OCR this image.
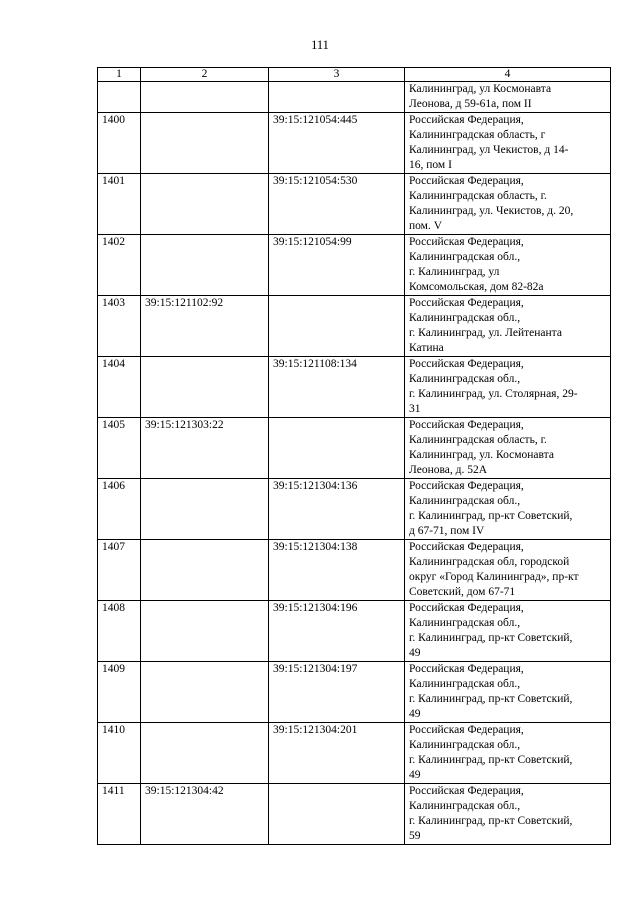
111
1	2	3	4

			Калининград, ул Космонавта
Леонова, д 59-61а, пом II

1400		39:15:121054:445	Российская Федерация,
Калининградская область, г
Калининград, ул Чекистов, д 14-
16, пом I

1401		39:15:121054:530	Российская Федерация,
Калининградская область, г.
Калининград, ул. Чекистов, д. 20,
пом. V

1402		39:15:121054:99	Российская Федерация,
Калининградская обл.,
г. Калининград, ул
Комсомольская, дом 82-82а

1403	39:15:121102:92		Российская Федерация,
Калининградская обл.,
г. Калининград, ул. Лейтенанта
Катина

1404		39:15:121108:134	Российская Федерация,
Калининградская обл.,
г. Калининград, ул. Столярная, 29-
31

1405	39:15:121303:22		Российская Федерация,
Калининградская область, г.
Калининград, ул. Космонавта
Леонова, д. 52А

1406		39:15:121304:136	Российская Федерация,
Калининградская обл.,
г. Калининград, пр-кт Советский,
д 67-71, пом IV

1407		39:15:121304:138	Российская Федерация,
Калининградская обл, городской
округ «Город Калининград», пр-кт
Советский, дом 67-71

1408		39:15:121304:196	Российская Федерация,
Калининградская обл.,
г. Калининград, пр-кт Советский,
49

1409		39:15:121304:197	Российская Федерация,
Калининградская обл.,
г. Калининград, пр-кт Советский,
49

1410		39:15:121304:201	Российская Федерация,
Калининградская обл.,
г. Калининград, пр-кт Советский,
49

1411	39:15:121304:42		Российская Федерация,
Калининградская обл.,
г. Калининград, пр-кт Советский,
59
